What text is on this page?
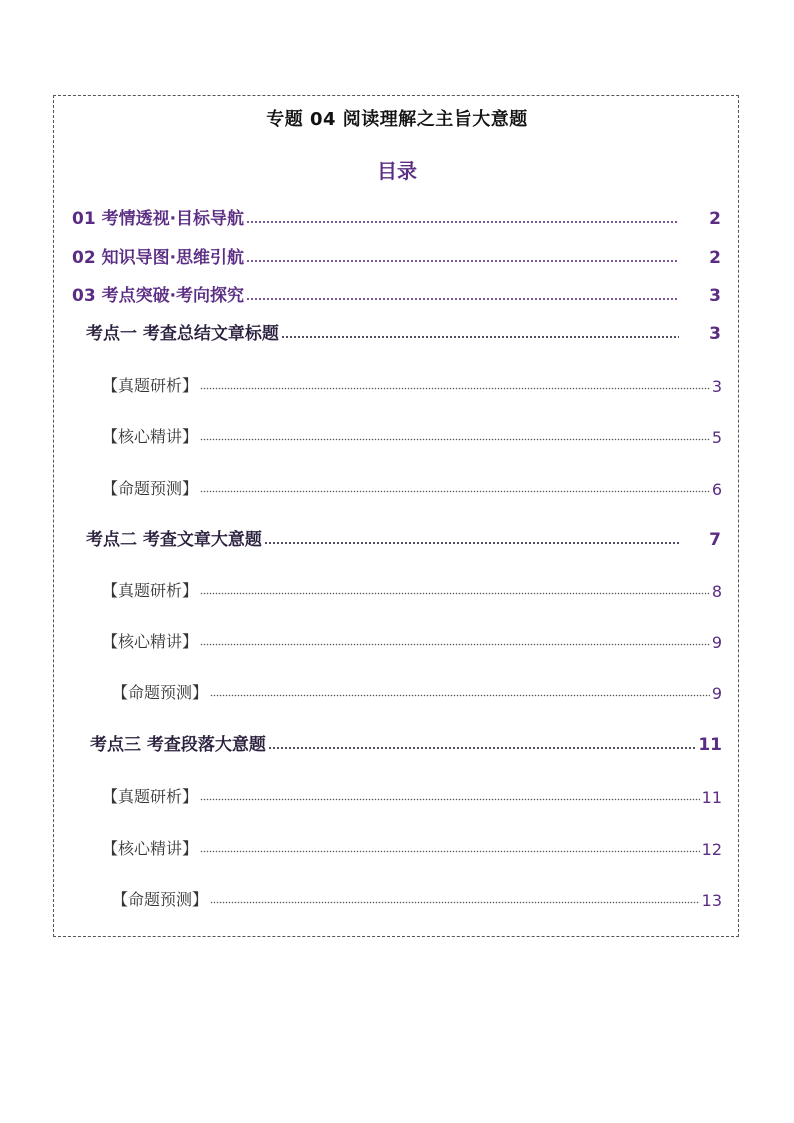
专题 04 阅读理解之主旨大意题
目录
01 考情透视·目标导航	2
02 知识导图·思维引航	2
03 考点突破·考向探究	3
考点一 考查总结文章标题	3
【真题研析】	3
【核心精讲】	5
【命题预测】	6
考点二 考查文章大意题	7
【真题研析】	8
【核心精讲】	9
【命题预测】	9
考点三 考查段落大意题	11
【真题研析】	11
【核心精讲】	12
【命题预测】	13
